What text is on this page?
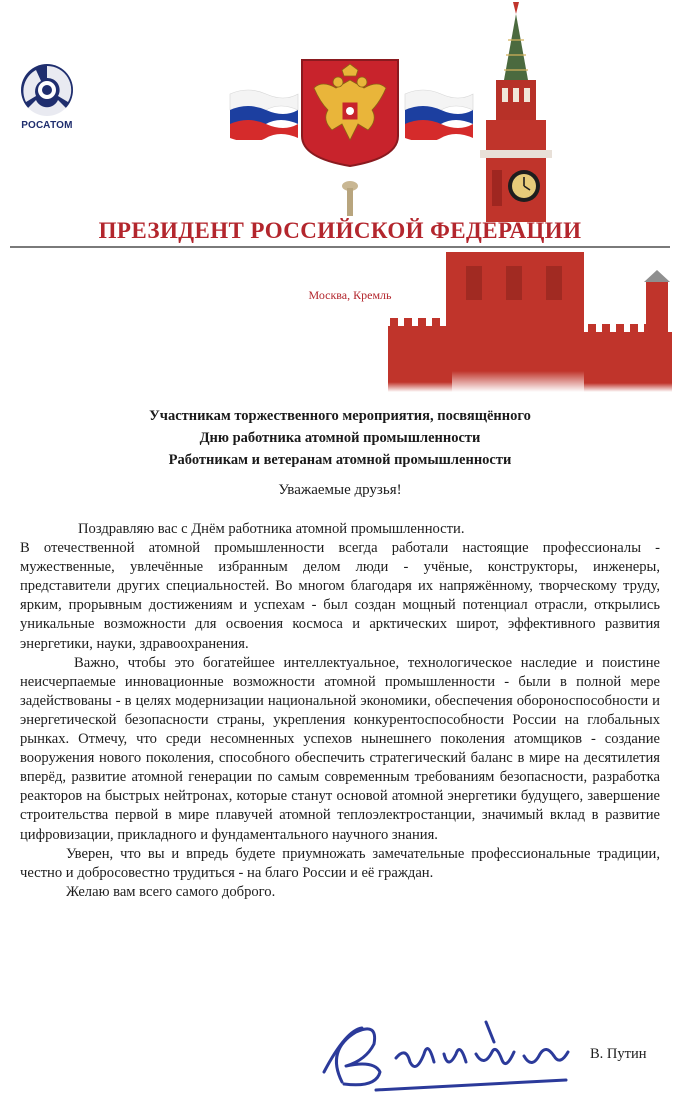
РОСАТОМ
ПРЕЗИДЕНТ РОССИЙСКОЙ ФЕДЕРАЦИИ
Москва, Кремль
Участникам торжественного мероприятия, посвящённого
Дню работника атомной промышленности
Работникам и ветеранам атомной промышленности
Уважаемые друзья!

Поздравляю вас с Днём работника атомной промышленности.

В отечественной атомной промышленности всегда работали настоящие профессионалы - мужественные, увлечённые избранным делом люди - учёные, конструкторы, инженеры, представители других специальностей. Во многом благодаря их напряжённому, творческому труду, ярким, прорывным достижениям и успехам - был создан мощный потенциал отрасли, открылись уникальные возможности для освоения космоса и арктических широт, эффективного развития энергетики, науки, здравоохранения.

Важно, чтобы это богатейшее интеллектуальное, технологическое наследие и поистине неисчерпаемые инновационные возможности атомной промышленности - были в полной мере задействованы - в целях модернизации национальной экономики, обеспечения обороноспособности и энергетической безопасности страны, укрепления конкурентоспособности России на глобальных рынках. Отмечу, что среди несомненных успехов нынешнего поколения атомщиков - создание вооружения нового поколения, способного обеспечить стратегический баланс в мире на десятилетия вперёд, развитие атомной генерации по самым современным требованиям безопасности, разработка реакторов на быстрых нейтронах, которые станут основой атомной энергетики будущего, завершение строительства первой в мире плавучей атомной теплоэлектростанции, значимый вклад в развитие цифровизации, прикладного и фундаментального научного знания.

Уверен, что вы и впредь будете приумножать замечательные профессиональные традиции, честно и добросовестно трудиться - на благо России и её граждан.

Желаю вам всего самого доброго.

В. Путин
